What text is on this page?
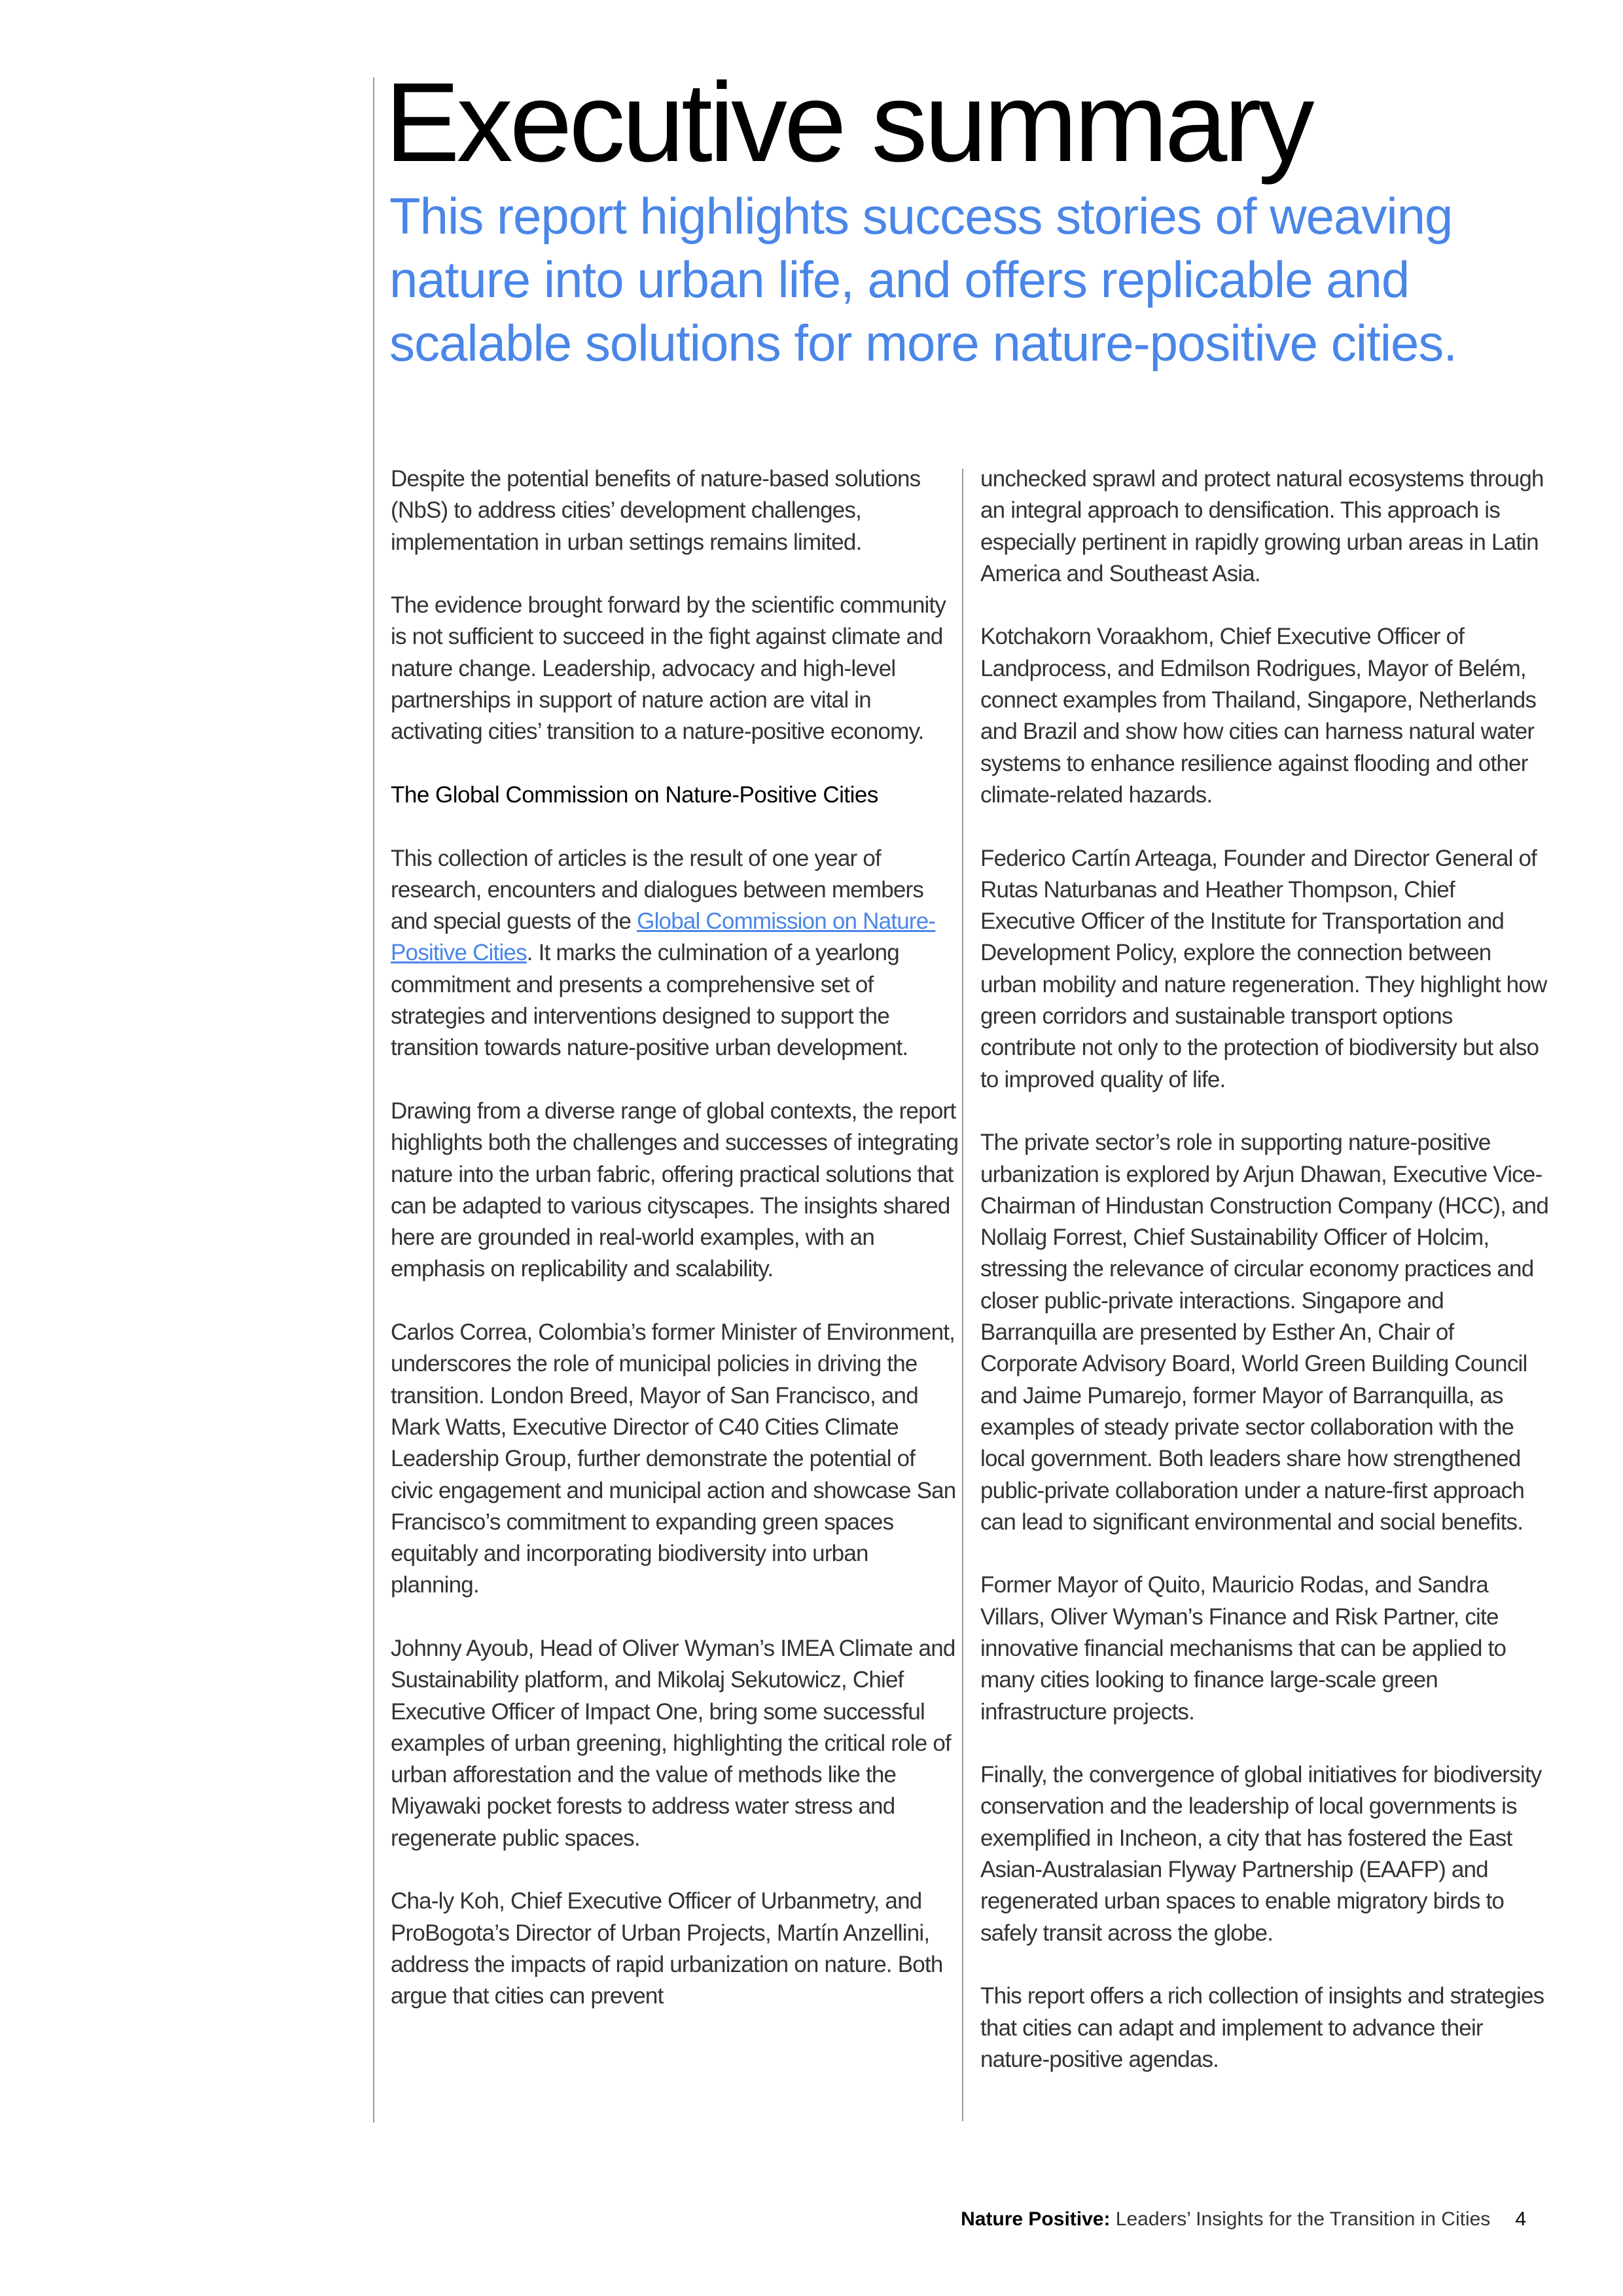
Executive summary

This report highlights success stories of weaving nature into urban life, and offers replicable and scalable solutions for more nature-positive cities.

Despite the potential benefits of nature-based solutions (NbS) to address cities’ development challenges, implementation in urban settings remains limited.

The evidence brought forward by the scientific community is not sufficient to succeed in the fight against climate and nature change. Leadership, advocacy and high-level partnerships in support of nature action are vital in activating cities’ transition to a nature-positive economy.

The Global Commission on Nature-Positive Cities

This collection of articles is the result of one year of research, encounters and dialogues between members and special guests of the Global Commission on Nature-Positive Cities. It marks the culmination of a yearlong commitment and presents a comprehensive set of strategies and interventions designed to support the transition towards nature-positive urban development.

Drawing from a diverse range of global contexts, the report highlights both the challenges and successes of integrating nature into the urban fabric, offering practical solutions that can be adapted to various cityscapes. The insights shared here are grounded in real-world examples, with an emphasis on replicability and scalability.

Carlos Correa, Colombia’s former Minister of Environment, underscores the role of municipal policies in driving the transition. London Breed, Mayor of San Francisco, and Mark Watts, Executive Director of C40 Cities Climate Leadership Group, further demonstrate the potential of civic engagement and municipal action and showcase San Francisco’s commitment to expanding green spaces equitably and incorporating biodiversity into urban planning.

Johnny Ayoub, Head of Oliver Wyman’s IMEA Climate and Sustainability platform, and Mikolaj Sekutowicz, Chief Executive Officer of Impact One, bring some successful examples of urban greening, highlighting the critical role of urban afforestation and the value of methods like the Miyawaki pocket forests to address water stress and regenerate public spaces.

Cha-ly Koh, Chief Executive Officer of Urbanmetry, and ProBogota’s Director of Urban Projects, Martín Anzellini, address the impacts of rapid urbanization on nature. Both argue that cities can prevent

unchecked sprawl and protect natural ecosystems through an integral approach to densification. This approach is especially pertinent in rapidly growing urban areas in Latin America and Southeast Asia.

Kotchakorn Voraakhom, Chief Executive Officer of Landprocess, and Edmilson Rodrigues, Mayor of Belém, connect examples from Thailand, Singapore, Netherlands and Brazil and show how cities can harness natural water systems to enhance resilience against flooding and other climate-related hazards.

Federico Cartín Arteaga, Founder and Director General of Rutas Naturbanas and Heather Thompson, Chief Executive Officer of the Institute for Transportation and Development Policy, explore the connection between urban mobility and nature regeneration. They highlight how green corridors and sustainable transport options contribute not only to the protection of biodiversity but also to improved quality of life.

The private sector’s role in supporting nature-positive urbanization is explored by Arjun Dhawan, Executive Vice-Chairman of Hindustan Construction Company (HCC), and Nollaig Forrest, Chief Sustainability Officer of Holcim, stressing the relevance of circular economy practices and closer public-private interactions. Singapore and Barranquilla are presented by Esther An, Chair of Corporate Advisory Board, World Green Building Council and Jaime Pumarejo, former Mayor of Barranquilla, as examples of steady private sector collaboration with the local government. Both leaders share how strengthened public-private collaboration under a nature-first approach can lead to significant environmental and social benefits.

Former Mayor of Quito, Mauricio Rodas, and Sandra Villars, Oliver Wyman’s Finance and Risk Partner, cite innovative financial mechanisms that can be applied to many cities looking to finance large-scale green infrastructure projects.

Finally, the convergence of global initiatives for biodiversity conservation and the leadership of local governments is exemplified in Incheon, a city that has fostered the East Asian-Australasian Flyway Partnership (EAAFP) and regenerated urban spaces to enable migratory birds to safely transit across the globe.

This report offers a rich collection of insights and strategies that cities can adapt and implement to advance their nature-positive agendas.

Nature Positive: Leaders’ Insights for the Transition in Cities 4
